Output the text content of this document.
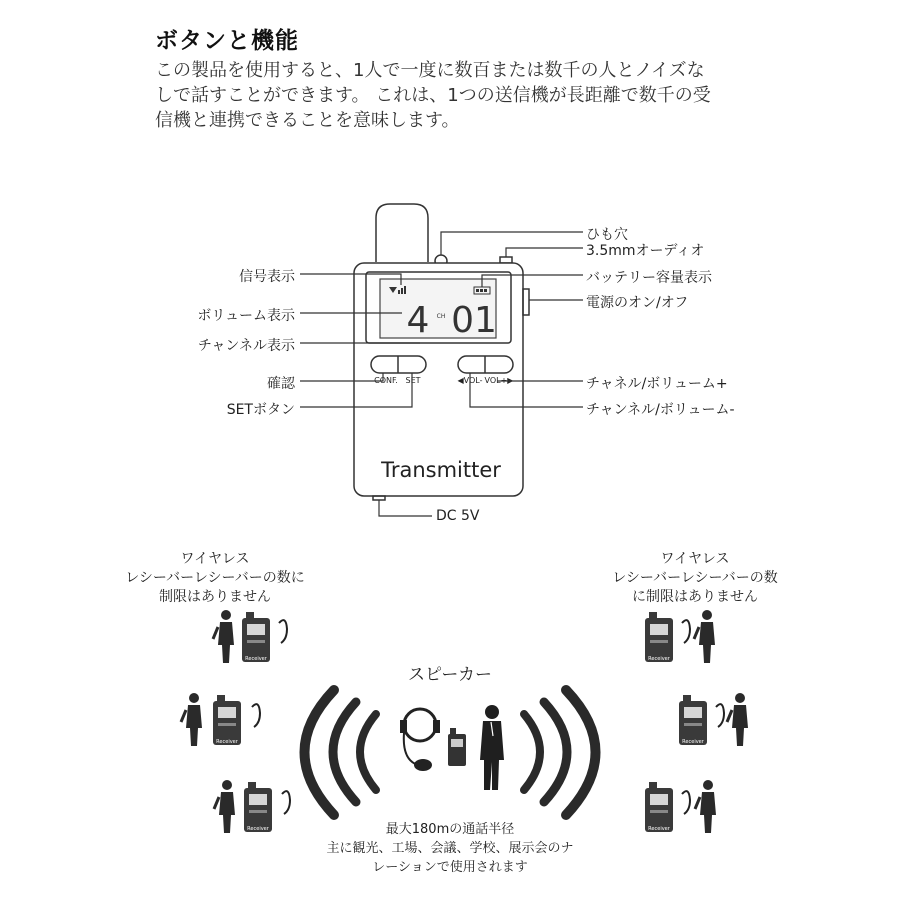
ボタンと機能
この製品を使用すると、1人で一度に数百または数千の人とノイズな
しで話すことができます。 これは、1つの送信機が長距離で数千の受
信機と連携できることを意味します。
4 CH 01
CONF. SET	◀VOL- VOL+▶
Transmitter
信号表示
ボリューム表示
チャンネル表示
確認
SETボタン
ひも穴
3.5mmオーディオ
バッテリー容量表示
電源のオン/オフ
チャネル/ボリューム+
チャンネル/ボリューム-
DC 5V
ワイヤレス
レシーバーレシーバーの数に
制限はありません
ワイヤレス
レシーバーレシーバーの数
に制限はありません
スピーカー
最大180mの通話半径
主に観光、工場、会議、学校、展示会のナ
レーションで使用されます
Receiver
Receiver
Receiver
Receiver
Receiver
Receiver
